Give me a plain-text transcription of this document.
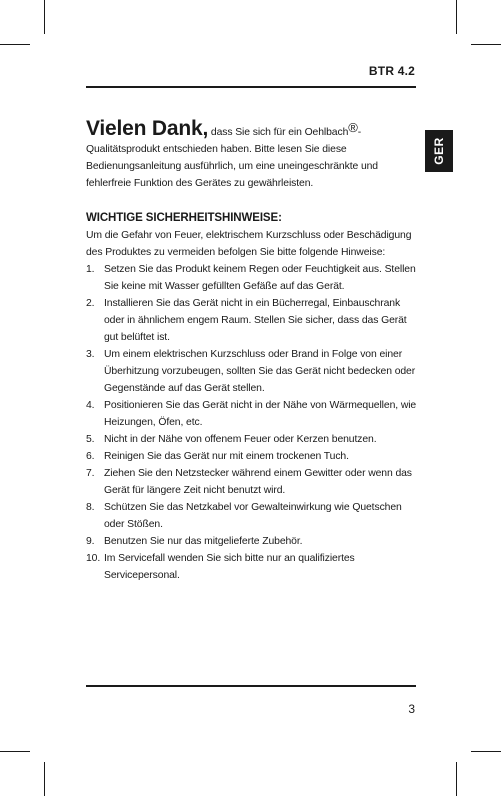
BTR 4.2
GER

Vielen Dank, dass Sie sich für ein Oehlbach®-Qualitätsprodukt entschieden haben. Bitte lesen Sie diese Bedienungsanleitung ausführlich, um eine uneingeschränkte und fehlerfreie Funktion des Gerätes zu gewährleisten.

WICHTIGE SICHERHEITSHINWEISE:

Um die Gefahr von Feuer, elektrischem Kurzschluss oder Beschädigung des Produktes zu vermeiden befolgen Sie bitte folgende Hinweise:

1. Setzen Sie das Produkt keinem Regen oder Feuchtigkeit aus. Stellen Sie keine mit Wasser gefüllten Gefäße auf das Gerät.
2. Installieren Sie das Gerät nicht in ein Bücherregal, Einbauschrank oder in ähnlichem engem Raum. Stellen Sie sicher, dass das Gerät gut belüftet ist.
3. Um einem elektrischen Kurzschluss oder Brand in Folge von einer Überhitzung vorzubeugen, sollten Sie das Gerät nicht bedecken oder Gegenstände auf das Gerät stellen.
4. Positionieren Sie das Gerät nicht in der Nähe von Wärmequellen, wie Heizungen, Öfen, etc.
5. Nicht in der Nähe von offenem Feuer oder Kerzen benutzen.
6. Reinigen Sie das Gerät nur mit einem trockenen Tuch.
7. Ziehen Sie den Netzstecker während einem Gewitter oder wenn das Gerät für längere Zeit nicht benutzt wird.
8. Schützen Sie das Netzkabel vor Gewalteinwirkung wie Quetschen oder Stößen.
9. Benutzen Sie nur das mitgelieferte Zubehör.
10. Im Servicefall wenden Sie sich bitte nur an qualifiziertes Servicepersonal.
3
